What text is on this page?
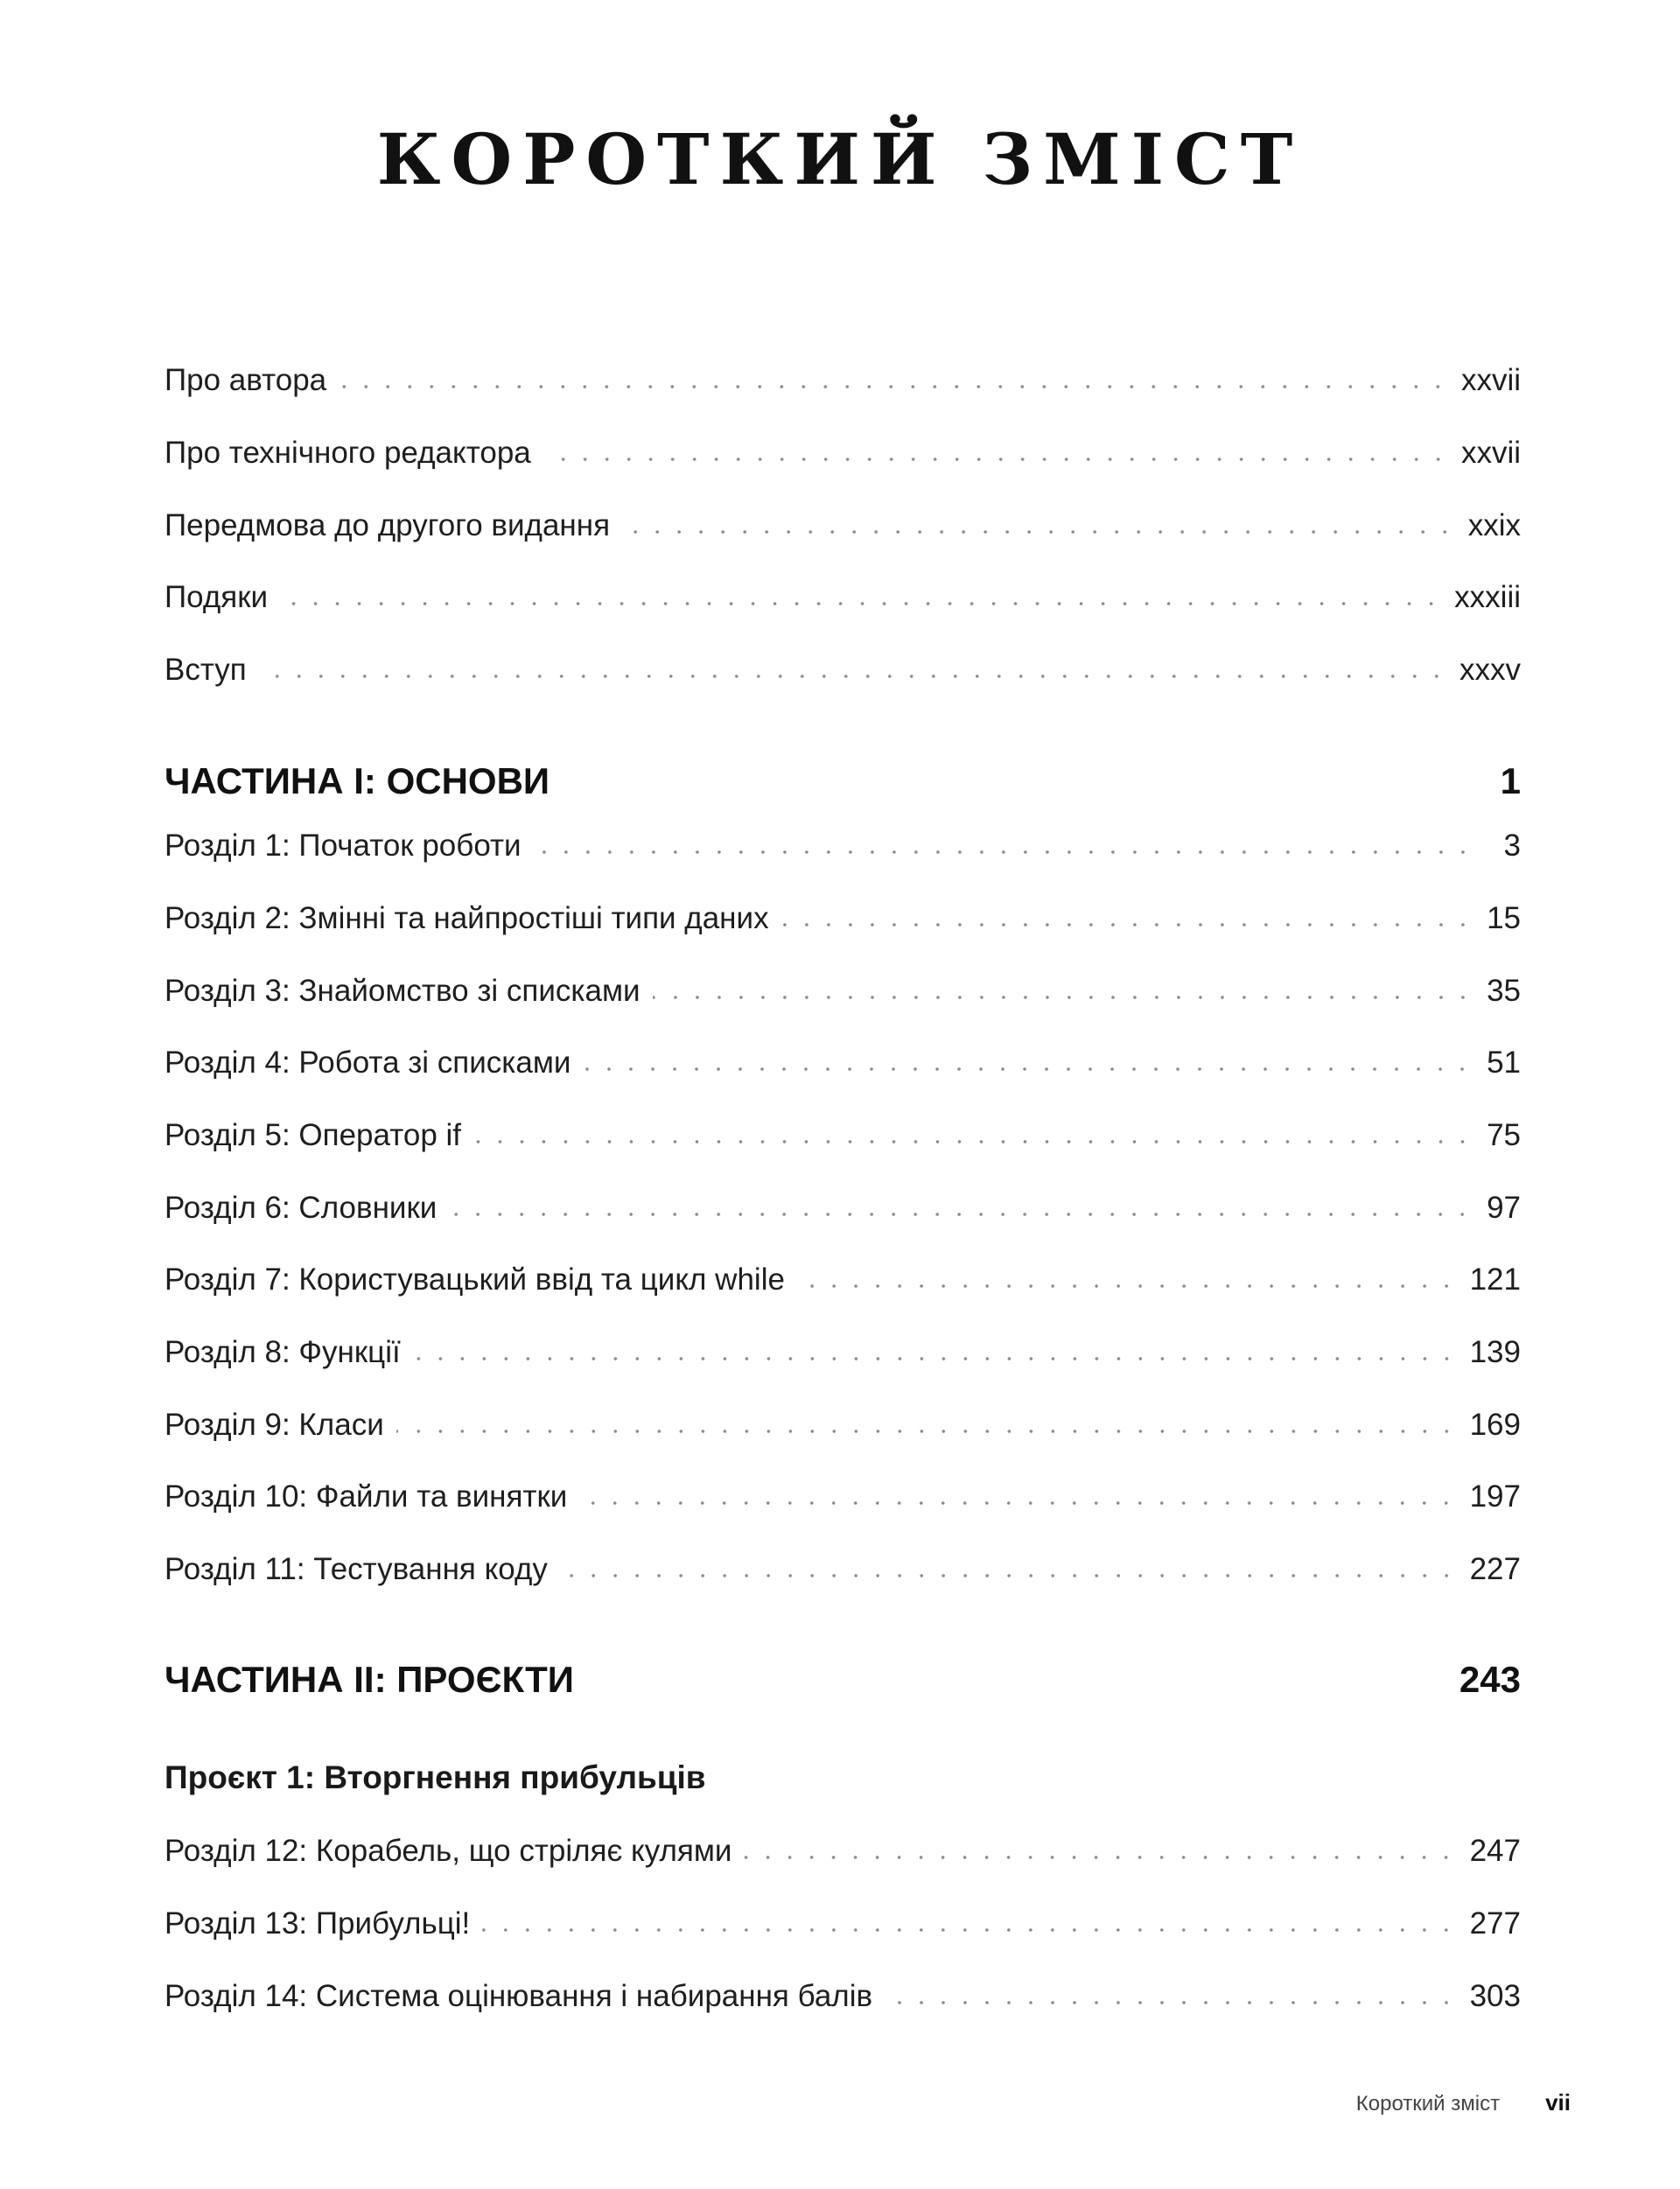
КОРОТКИЙ ЗМІСТ
Про автора	xxvii
Про технічного редактора	xxvii
Передмова до другого видання	xxix
Подяки	xxxiii
Вступ	xxxv
ЧАСТИНА I: ОСНОВИ	1
Розділ 1: Початок роботи	3
Розділ 2: Змінні та найпростіші типи даних	15
Розділ 3: Знайомство зі списками	35
Розділ 4: Робота зі списками	51
Розділ 5: Оператор if	75
Розділ 6: Словники	97
Розділ 7: Користувацький ввід та цикл while	121
Розділ 8: Функції	139
Розділ 9: Класи	169
Розділ 10: Файли та винятки	197
Розділ 11: Тестування коду	227
ЧАСТИНА II: ПРОЄКТИ	243
Проєкт 1: Вторгнення прибульців
Розділ 12: Корабель, що стріляє кулями	247
Розділ 13: Прибульці!	277
Розділ 14: Система оцінювання і набирання балів	303
Короткий зміст vii
